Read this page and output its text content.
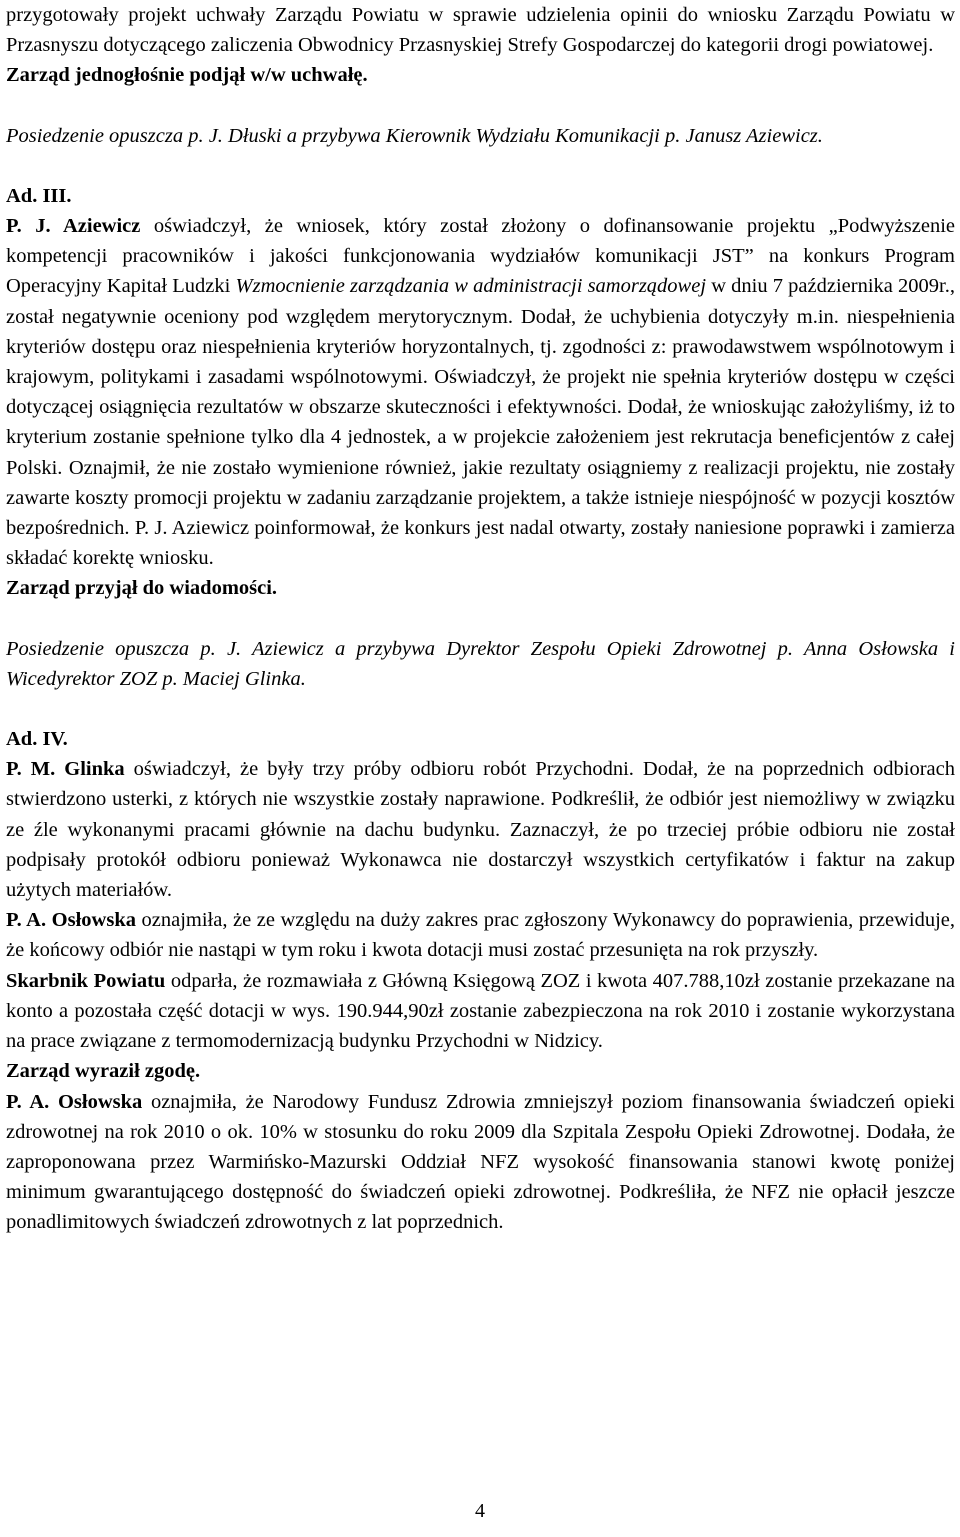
przygotowały projekt uchwały Zarządu Powiatu w sprawie udzielenia opinii do wniosku Zarządu Powiatu w Przasnyszu dotyczącego zaliczenia Obwodnicy Przasnyskiej Strefy Gospodarczej do kategorii drogi powiatowej.

Zarząd jednogłośnie podjął w/w uchwałę.

Posiedzenie opuszcza p. J. Dłuski a przybywa Kierownik Wydziału Komunikacji p. Janusz Aziewicz.

Ad. III.

P. J. Aziewicz oświadczył, że wniosek, który został złożony o dofinansowanie projektu „Podwyższenie kompetencji pracowników i jakości funkcjonowania wydziałów komunikacji JST” na konkurs Program Operacyjny Kapitał Ludzki Wzmocnienie zarządzania w administracji samorządowej w dniu 7 października 2009r., został negatywnie oceniony pod względem merytorycznym. Dodał, że uchybienia dotyczyły m.in. niespełnienia kryteriów dostępu oraz niespełnienia kryteriów horyzontalnych, tj. zgodności z: prawodawstwem wspólnotowym i krajowym, politykami i zasadami wspólnotowymi. Oświadczył, że projekt nie spełnia kryteriów dostępu w części dotyczącej osiągnięcia rezultatów w obszarze skuteczności i efektywności. Dodał, że wnioskując założyliśmy, iż to kryterium zostanie spełnione tylko dla 4 jednostek, a w projekcie założeniem jest rekrutacja beneficjentów z całej Polski. Oznajmił, że nie zostało wymienione również, jakie rezultaty osiągniemy z realizacji projektu, nie zostały zawarte koszty promocji projektu w zadaniu zarządzanie projektem, a także istnieje niespójność w pozycji kosztów bezpośrednich. P. J. Aziewicz poinformował, że konkurs jest nadal otwarty, zostały naniesione poprawki i zamierza składać korektę wniosku.

Zarząd przyjął do wiadomości.

Posiedzenie opuszcza p. J. Aziewicz a przybywa Dyrektor Zespołu Opieki Zdrowotnej p. Anna Osłowska i Wicedyrektor ZOZ p. Maciej Glinka.

Ad. IV.

P. M. Glinka oświadczył, że były trzy próby odbioru robót Przychodni. Dodał, że na poprzednich odbiorach stwierdzono usterki, z których nie wszystkie zostały naprawione. Podkreślił, że odbiór jest niemożliwy w związku ze źle wykonanymi pracami głównie na dachu budynku. Zaznaczył, że po trzeciej próbie odbioru nie został podpisały protokół odbioru ponieważ Wykonawca nie dostarczył wszystkich certyfikatów i faktur na zakup użytych materiałów.

P. A. Osłowska oznajmiła, że ze względu na duży zakres prac zgłoszony Wykonawcy do poprawienia, przewiduje, że końcowy odbiór nie nastąpi w tym roku i kwota dotacji musi zostać przesunięta na rok przyszły.

Skarbnik Powiatu odparła, że rozmawiała z Główną Księgową ZOZ i kwota 407.788,10zł zostanie przekazane na konto a pozostała część dotacji w wys. 190.944,90zł zostanie zabezpieczona na rok 2010 i zostanie wykorzystana na prace związane z termomodernizacją budynku Przychodni w Nidzicy.

Zarząd wyraził zgodę.

P. A. Osłowska oznajmiła, że Narodowy Fundusz Zdrowia zmniejszył poziom finansowania świadczeń opieki zdrowotnej na rok 2010 o ok. 10% w stosunku do roku 2009 dla Szpitala Zespołu Opieki Zdrowotnej. Dodała, że zaproponowana przez Warmińsko-Mazurski Oddział NFZ wysokość finansowania stanowi kwotę poniżej minimum gwarantującego dostępność do świadczeń opieki zdrowotnej. Podkreśliła, że NFZ nie opłacił jeszcze ponadlimitowych świadczeń zdrowotnych z lat poprzednich.

4
